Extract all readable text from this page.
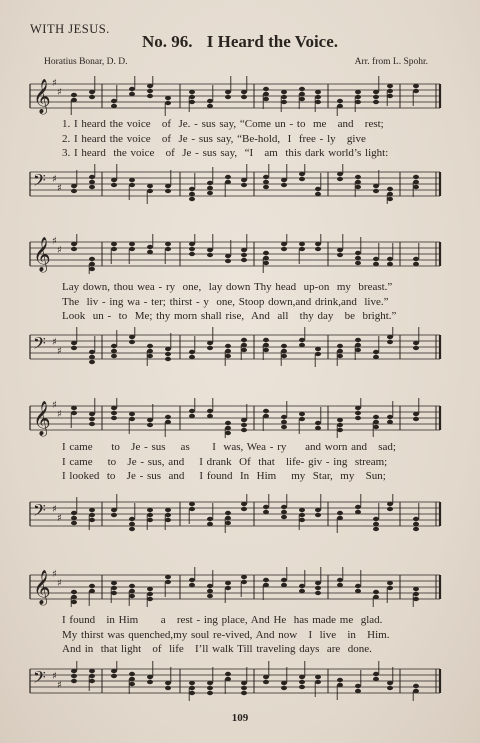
WITH JESUS.
No. 96. I Heard the Voice.
Horatius Bonar, D. D.	Arr. from L. Spohr.
𝄞 ♯
♯
1. I heard the voice   of  Je. - sus say, “Come un - to  me   and   rest;
2. I heard the voice   of  Je - sus say, “Be-hold,  I  free - ly   give
3. I heard  the voice   of  Je - sus say,  “I   am  this dark world’s light:
𝄢 ♯
♯
𝄞 ♯
♯
Lay down, thou wea - ry  one,  lay down Thy head  up-on  my  breast.”
The  liv - ing wa - ter; thirst - y  one, Stoop down,and drink,and  live.”
Look  un -  to  Me; thy morn shall rise,  And  all   thy day   be  bright.”
𝄢 ♯
♯
𝄞 ♯
♯
I came     to   Je - sus    as      I  was, Wea - ry     and worn and   sad;
I came    to   Je - sus, and    I drank  Of  that   life- giv - ing  stream;
I looked  to   Je - sus  and    I found  In  Him    my  Star,  my   Sun;
𝄢 ♯
♯
𝄞 ♯
♯
I found   in Him      a   rest - ing place, And He  has made me  glad.
My thirst was quenched,my soul re-vived, And now   I  live   in   Him.
And in  that light   of  life   I’ll walk Till traveling days  are  done.
𝄢 ♯
♯
109
